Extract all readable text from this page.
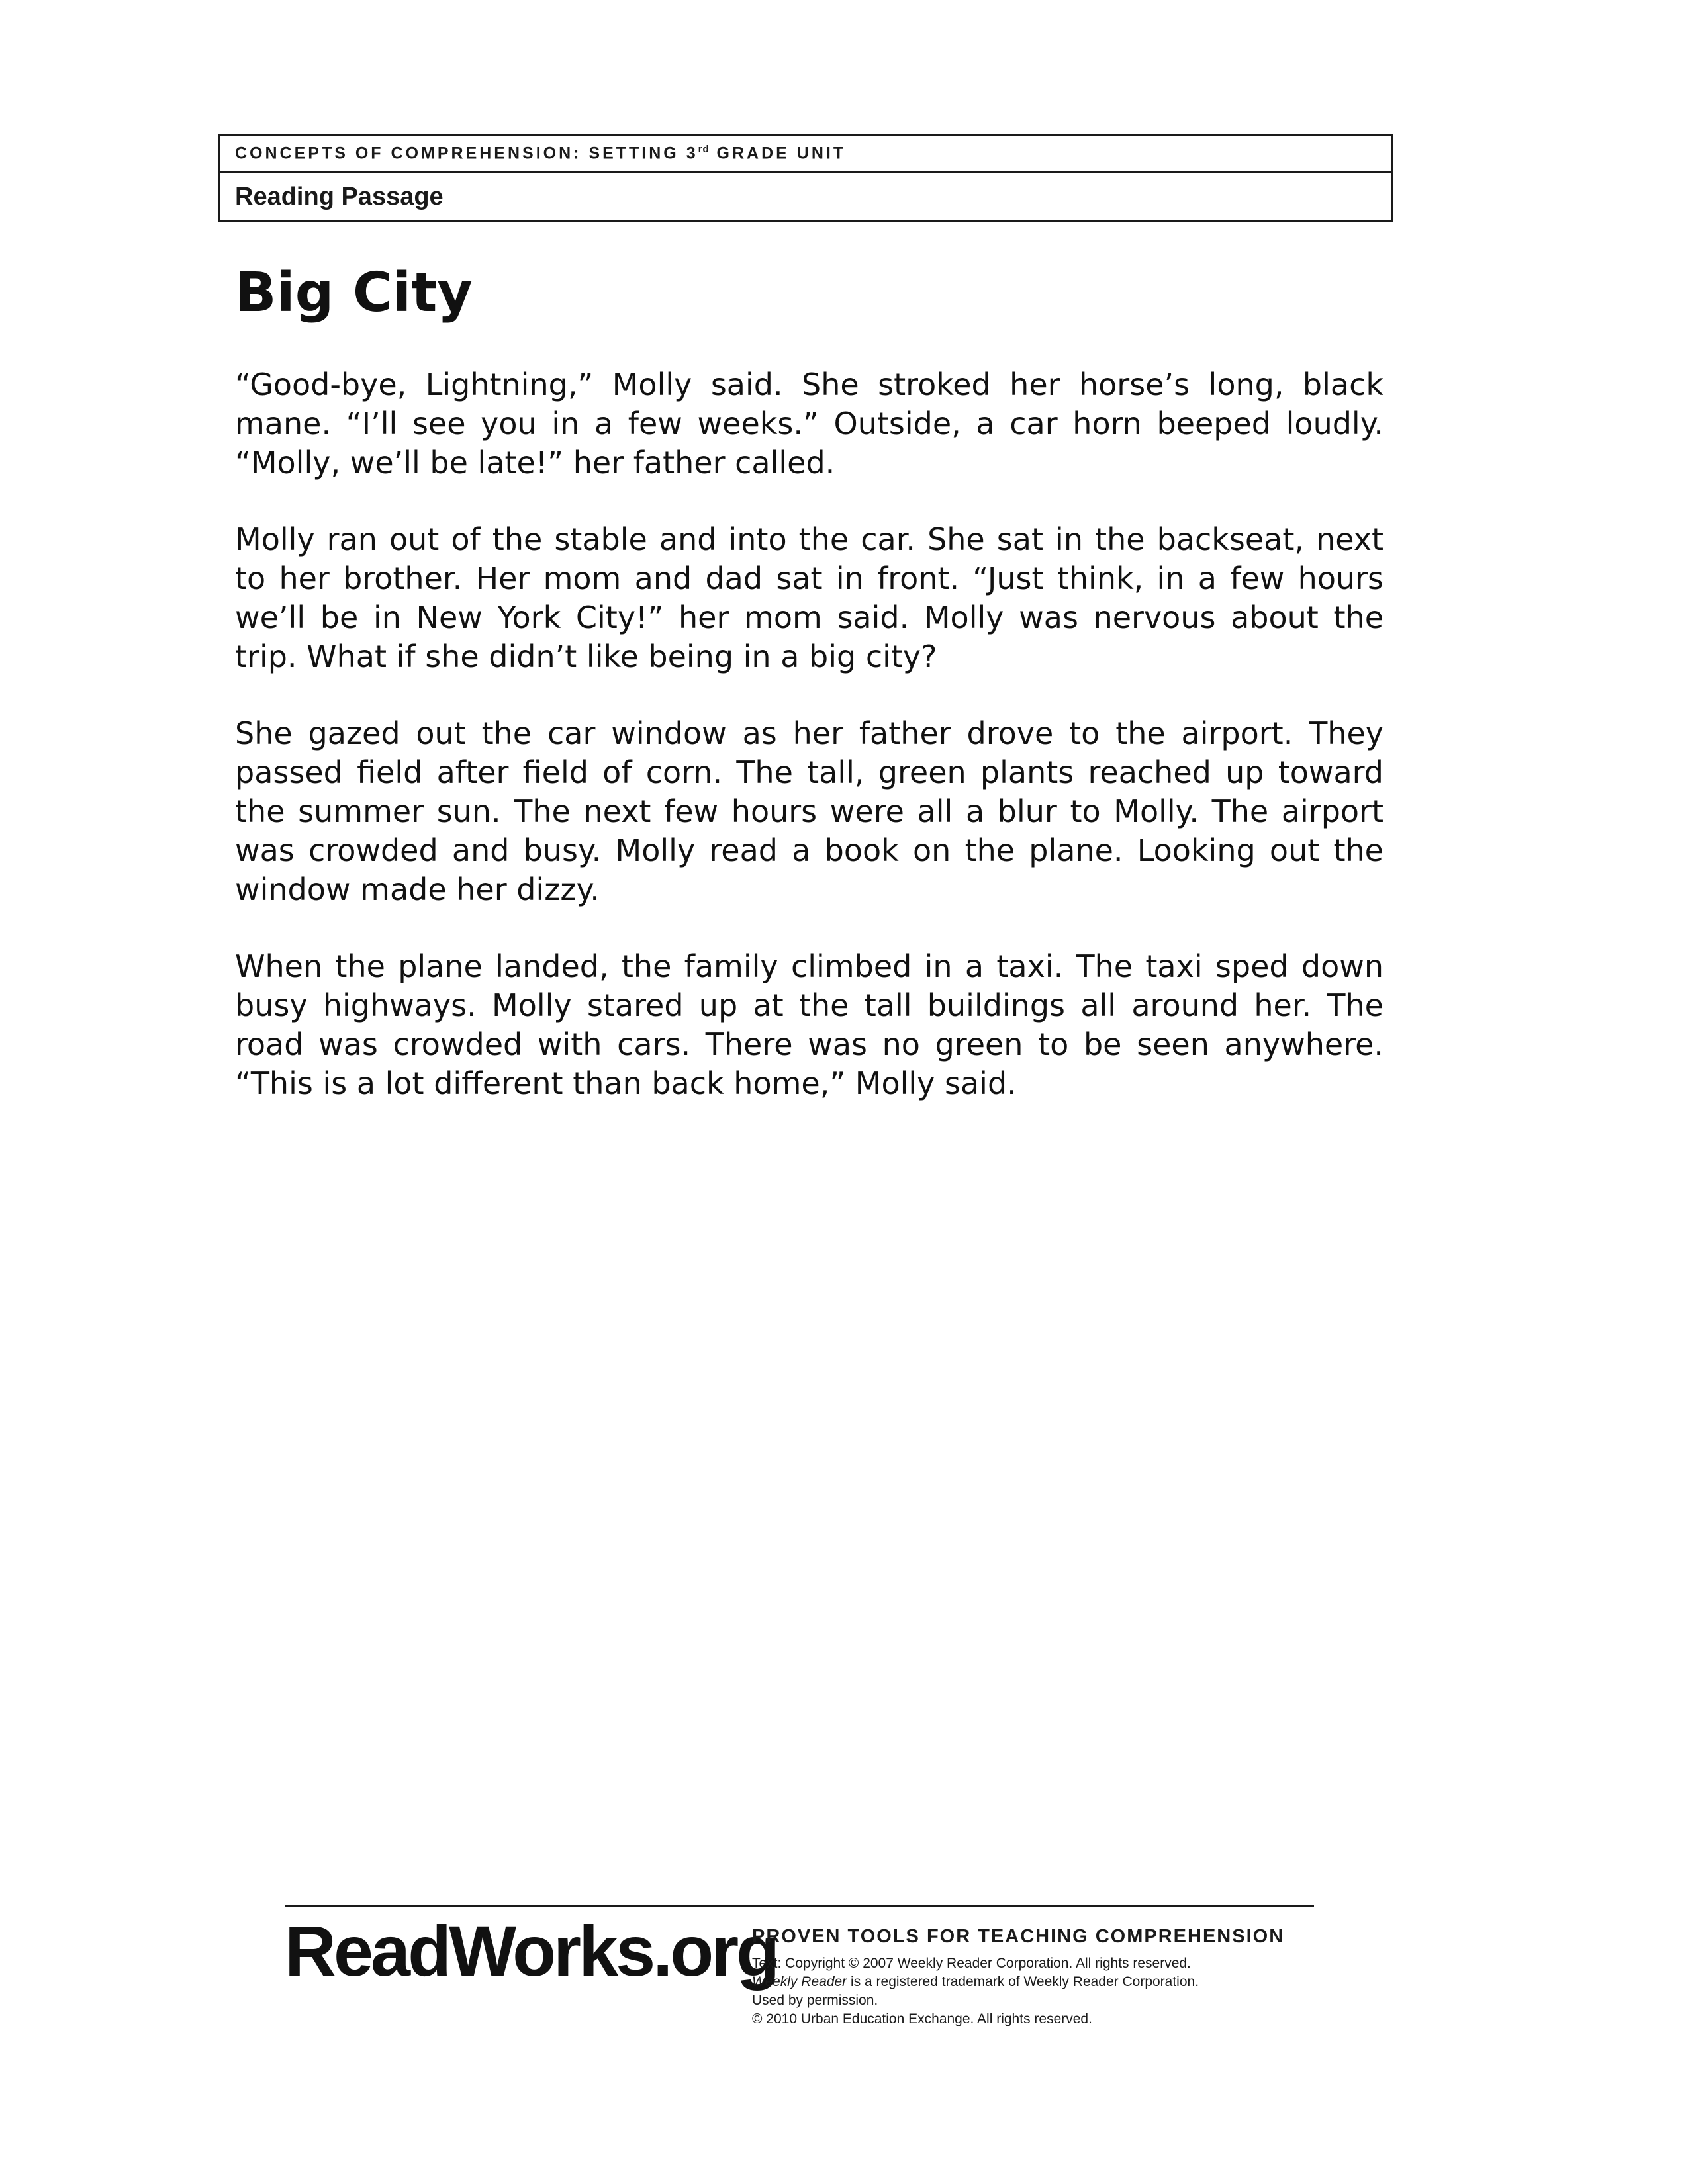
CONCEPTS OF COMPREHENSION: SETTING 3rd GRADE UNIT
Reading Passage
Big City

“Good-bye, Lightning,” Molly said. She stroked her horse’s long, black mane. “I’ll see you in a few weeks.” Outside, a car horn beeped loudly. “Molly, we’ll be late!” her father called.

Molly ran out of the stable and into the car. She sat in the backseat, next to her brother. Her mom and dad sat in front. “Just think, in a few hours we’ll be in New York City!” her mom said. Molly was nervous about the trip. What if she didn’t like being in a big city?

She gazed out the car window as her father drove to the airport. They passed field after field of corn. The tall, green plants reached up toward the summer sun. The next few hours were all a blur to Molly. The airport was crowded and busy. Molly read a book on the plane. Looking out the window made her dizzy.

When the plane landed, the family climbed in a taxi. The taxi sped down busy highways. Molly stared up at the tall buildings all around her. The road was crowded with cars. There was no green to be seen anywhere. “This is a lot different than back home,” Molly said.

ReadWorks.org
PROVEN TOOLS FOR TEACHING COMPREHENSION
Text: Copyright © 2007 Weekly Reader Corporation. All rights reserved.
Weekly Reader is a registered trademark of Weekly Reader Corporation.
Used by permission.
© 2010 Urban Education Exchange. All rights reserved.
